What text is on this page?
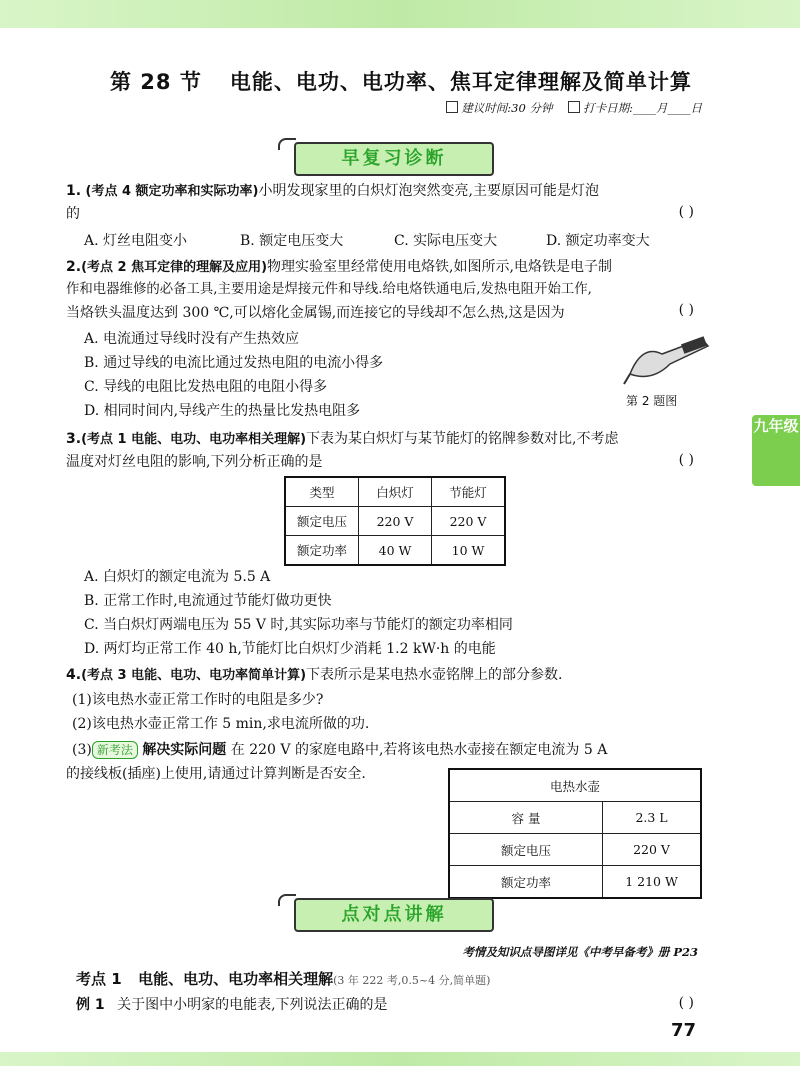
九年级
第 28 节 电能、电功、电功率、焦耳定律理解及简单计算
建议时间:30 分钟	打卡日期:____月____日
早复习诊断
1. (考点 4 额定功率和实际功率)小明发现家里的白炽灯泡突然变亮,主要原因可能是灯泡
的	( )
A. 灯丝电阻变小	B. 额定电压变大	C. 实际电压变大	D. 额定功率变大
2.(考点 2 焦耳定律的理解及应用)物理实验室里经常使用电烙铁,如图所示,电烙铁是电子制
作和电器维修的必备工具,主要用途是焊接元件和导线.给电烙铁通电后,发热电阻开始工作,
当烙铁头温度达到 300 ℃,可以熔化金属锡,而连接它的导线却不怎么热,这是因为	( )
A. 电流通过导线时没有产生热效应
B. 通过导线的电流比通过发热电阻的电流小得多
C. 导线的电阻比发热电阻的电阻小得多
D. 相同时间内,导线产生的热量比发热电阻多
第 2 题图
3.(考点 1 电能、电功、电功率相关理解)下表为某白炽灯与某节能灯的铭牌参数对比,不考虑
温度对灯丝电阻的影响,下列分析正确的是	( )
类型	白炽灯	节能灯
额定电压	220 V	220 V
额定功率	40 W	10 W
A. 白炽灯的额定电流为 5.5 A
B. 正常工作时,电流通过节能灯做功更快
C. 当白炽灯两端电压为 55 V 时,其实际功率与节能灯的额定功率相同
D. 两灯均正常工作 40 h,节能灯比白炽灯少消耗 1.2 kW·h 的电能
4.(考点 3 电能、电功、电功率简单计算)下表所示是某电热水壶铭牌上的部分参数.
(1)该电热水壶正常工作时的电阻是多少?
(2)该电热水壶正常工作 5 min,求电流所做的功.
(3) 新考法 解决实际问题 在 220 V 的家庭电路中,若将该电热水壶接在额定电流为 5 A
的接线板(插座)上使用,请通过计算判断是否安全.
电热水壶	
容 量	2.3 L
额定电压	220 V
额定功率	1 210 W
点对点讲解
考情及知识点导图详见《中考早备考》册 P23
考点 1 电能、电功、电功率相关理解(3 年 222 考,0.5~4 分,简单题)
例 1 关于图中小明家的电能表,下列说法正确的是	( )
77
